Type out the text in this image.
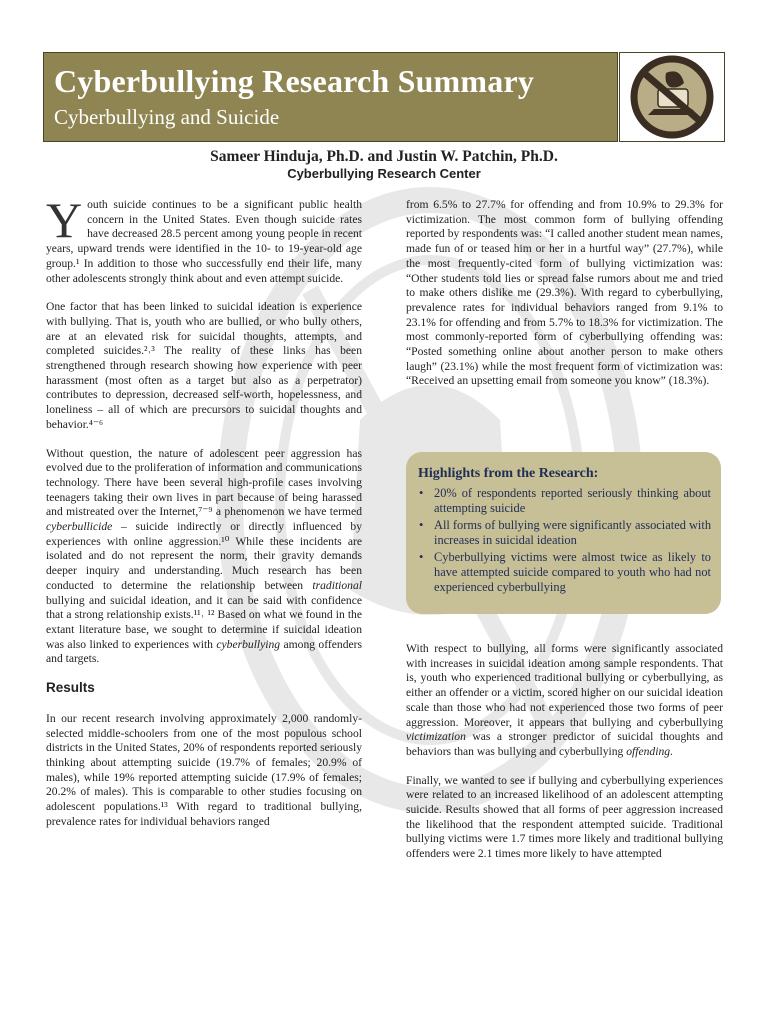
Cyberbullying Research Summary
Cyberbullying and Suicide
Sameer Hinduja, Ph.D. and Justin W. Patchin, Ph.D.
Cyberbullying Research Center

Youth suicide continues to be a significant public health concern in the United States. Even though suicide rates have decreased 28.5 percent among young people in recent years, upward trends were identified in the 10- to 19-year-old age group.¹ In addition to those who successfully end their life, many other adolescents strongly think about and even attempt suicide.

One factor that has been linked to suicidal ideation is experience with bullying. That is, youth who are bullied, or who bully others, are at an elevated risk for suicidal thoughts, attempts, and completed suicides.²˒³ The reality of these links has been strengthened through research showing how experience with peer harassment (most often as a target but also as a perpetrator) contributes to depression, decreased self-worth, hopelessness, and loneliness – all of which are precursors to suicidal thoughts and behavior.⁴⁻⁶

Without question, the nature of adolescent peer aggression has evolved due to the proliferation of information and communications technology. There have been several high-profile cases involving teenagers taking their own lives in part because of being harassed and mistreated over the Internet,⁷⁻⁹ a phenomenon we have termed cyberbullicide – suicide indirectly or directly influenced by experiences with online aggression.¹⁰ While these incidents are isolated and do not represent the norm, their gravity demands deeper inquiry and understanding. Much research has been conducted to determine the relationship between traditional bullying and suicidal ideation, and it can be said with confidence that a strong relationship exists.¹¹˒ ¹² Based on what we found in the extant literature base, we sought to determine if suicidal ideation was also linked to experiences with cyberbullying among offenders and targets.

Results

In our recent research involving approximately 2,000 randomly-selected middle-schoolers from one of the most populous school districts in the United States, 20% of respondents reported seriously thinking about attempting suicide (19.7% of females; 20.9% of males), while 19% reported attempting suicide (17.9% of females; 20.2% of males). This is comparable to other studies focusing on adolescent populations.¹³ With regard to traditional bullying, prevalence rates for individual behaviors ranged

from 6.5% to 27.7% for offending and from 10.9% to 29.3% for victimization. The most common form of bullying offending reported by respondents was: “I called another student mean names, made fun of or teased him or her in a hurtful way” (27.7%), while the most frequently-cited form of bullying victimization was: “Other students told lies or spread false rumors about me and tried to make others dislike me (29.3%). With regard to cyberbullying, prevalence rates for individual behaviors ranged from 9.1% to 23.1% for offending and from 5.7% to 18.3% for victimization. The most commonly-reported form of cyberbullying offending was: “Posted something online about another person to make others laugh” (23.1%) while the most frequent form of victimization was: “Received an upsetting email from someone you know” (18.3%).

Highlights from the Research:
• 20% of respondents reported seriously thinking about attempting suicide
• All forms of bullying were significantly associated with increases in suicidal ideation
• Cyberbullying victims were almost twice as likely to have attempted suicide compared to youth who had not experienced cyberbullying

With respect to bullying, all forms were significantly associated with increases in suicidal ideation among sample respondents. That is, youth who experienced traditional bullying or cyberbullying, as either an offender or a victim, scored higher on our suicidal ideation scale than those who had not experienced those two forms of peer aggression. Moreover, it appears that bullying and cyberbullying victimization was a stronger predictor of suicidal thoughts and behaviors than was bullying and cyberbullying offending.

Finally, we wanted to see if bullying and cyberbullying experiences were related to an increased likelihood of an adolescent attempting suicide. Results showed that all forms of peer aggression increased the likelihood that the respondent attempted suicide. Traditional bullying victims were 1.7 times more likely and traditional bullying offenders were 2.1 times more likely to have attempted
